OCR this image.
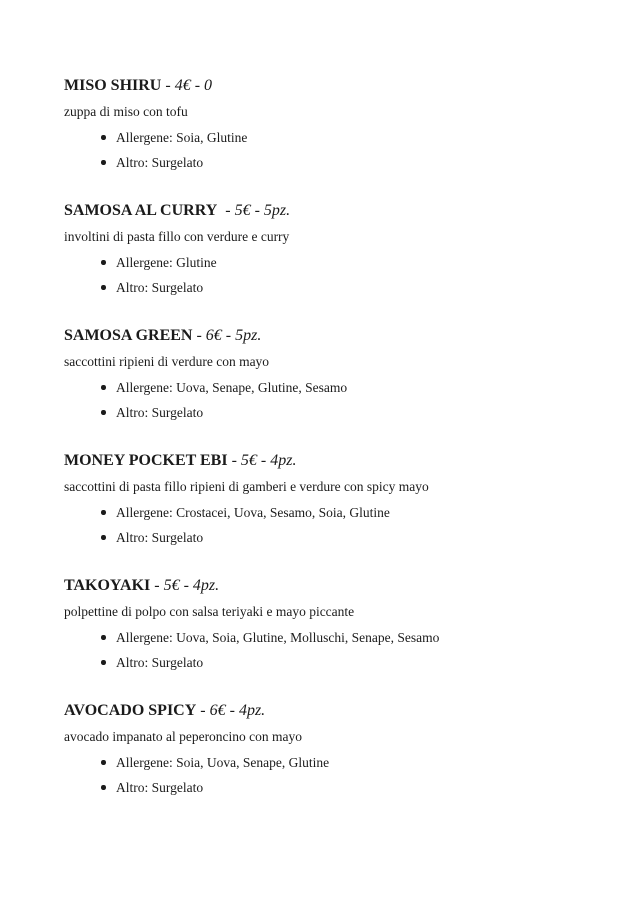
MISO SHIRU - 4€ - 0

zuppa di miso con tofu

Allergene: Soia, Glutine
Altro: Surgelato
SAMOSA AL CURRY  - 5€ - 5pz.

involtini di pasta fillo con verdure e curry

Allergene: Glutine
Altro: Surgelato
SAMOSA GREEN - 6€ - 5pz.

saccottini ripieni di verdure con mayo

Allergene: Uova, Senape, Glutine, Sesamo
Altro: Surgelato
MONEY POCKET EBI - 5€ - 4pz.

saccottini di pasta fillo ripieni di gamberi e verdure con spicy mayo

Allergene: Crostacei, Uova, Sesamo, Soia, Glutine
Altro: Surgelato
TAKOYAKI - 5€ - 4pz.

polpettine di polpo con salsa teriyaki e mayo piccante

Allergene: Uova, Soia, Glutine, Molluschi, Senape, Sesamo
Altro: Surgelato
AVOCADO SPICY - 6€ - 4pz.

avocado impanato al peperoncino con mayo

Allergene: Soia, Uova, Senape, Glutine
Altro: Surgelato
